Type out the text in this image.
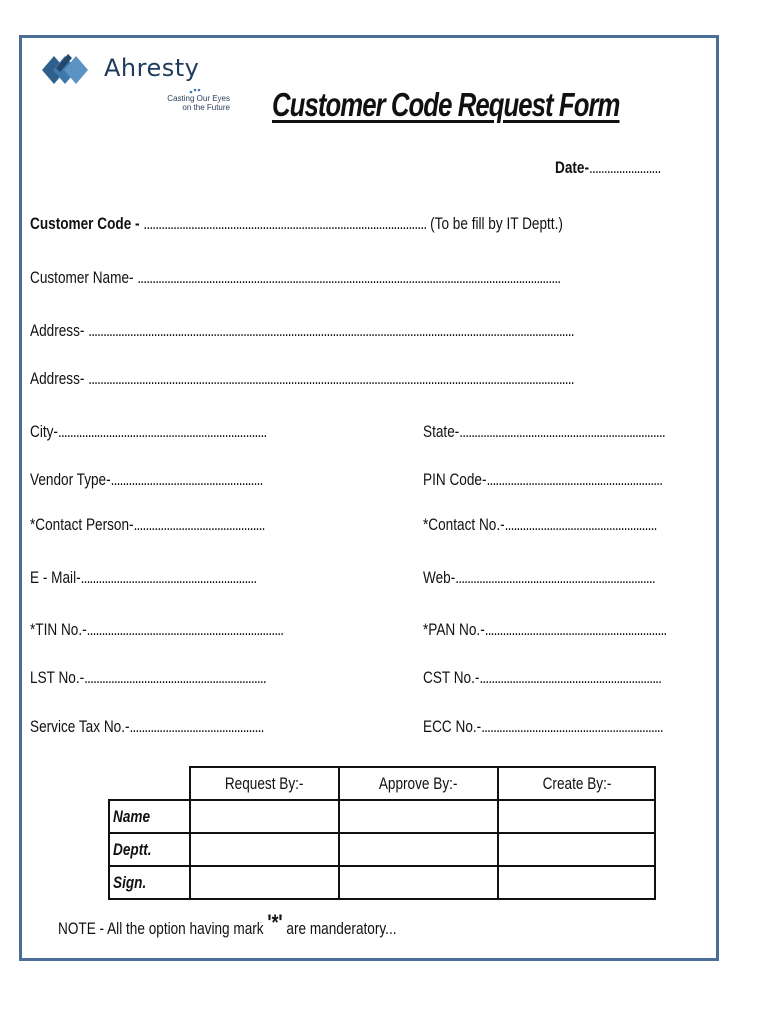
Ahresty
Casting Our Eyes
on the Future Customer Code Request Form
Date-........................
Customer Code - ............................................................................................... (To be fill by IT Deptt.)
Customer Name- ..............................................................................................................................................
Address- ...................................................................................................................................................................
Address- ...................................................................................................................................................................
City-......................................................................	State-.....................................................................
Vendor Type-...................................................	PIN Code-...........................................................
*Contact Person-............................................	*Contact No.-...................................................
E - Mail-...........................................................	Web-...................................................................
*TIN No.-..................................................................	*PAN No.-.............................................................
LST No.-.............................................................	CST No.-.............................................................
Service Tax No.-.............................................	ECC No.-.............................................................
	Request By:-	Approve By:-	Create By:-
Name			
Deptt.			
Sign.			
NOTE - All the option having mark '*' are manderatory...
